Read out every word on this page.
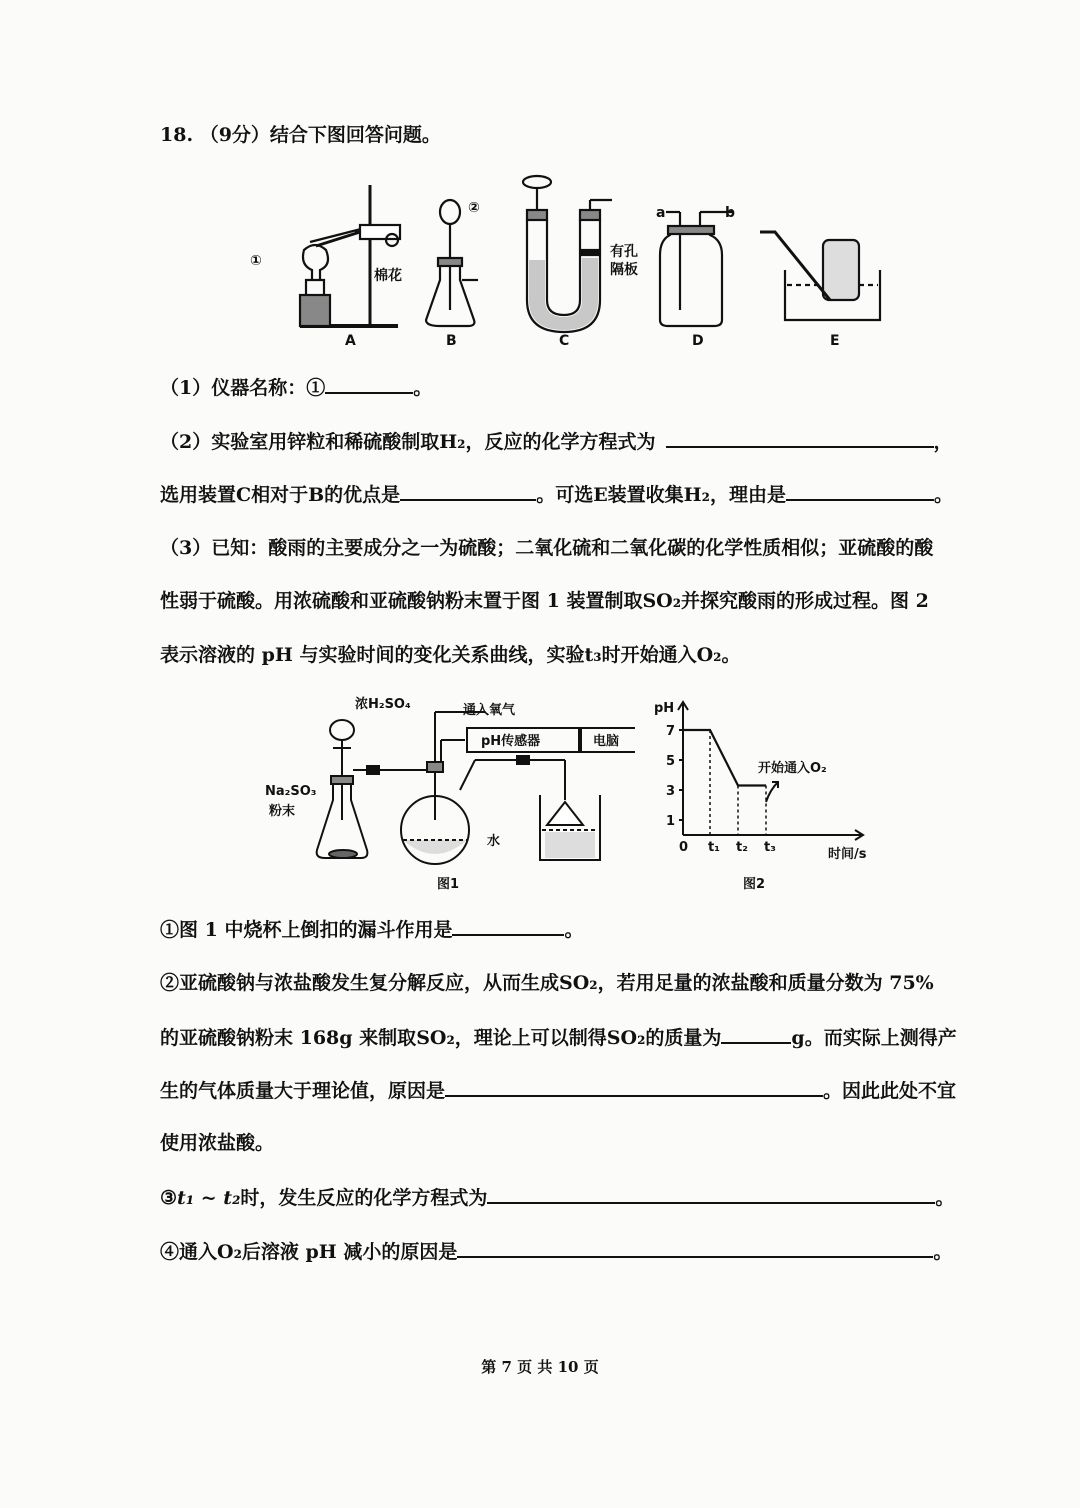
18. （9分）结合下图回答问题。
①
②
棉花
有孔
隔板
a	b
A	B	C	D	E
（1）仪器名称：①	。
（2）实验室用锌粒和稀硫酸制取H₂，反应的化学方程式为	，
选用装置C相对于B的优点是	。可选E装置收集H₂，理由是	。
（3）已知：酸雨的主要成分之一为硫酸；二氧化硫和二氧化碳的化学性质相似；亚硫酸的酸
性弱于硫酸。用浓硫酸和亚硫酸钠粉末置于图 1 装置制取SO₂并探究酸雨的形成过程。图 2
表示溶液的 pH 与实验时间的变化关系曲线，实验t₃时开始通入O₂。
浓H₂SO₄
Na₂SO₃
粉末
通入氧气
pH传感器	电脑
水
图1
1
3
5
7
0 t₁ t₂ t₃
pH
时间/s
开始通入O₂
图2
①图 1 中烧杯上倒扣的漏斗作用是	。
②亚硫酸钠与浓盐酸发生复分解反应，从而生成SO₂，若用足量的浓盐酸和质量分数为 75%
的亚硫酸钠粉末 168g 来制取SO₂，理论上可以制得SO₂的质量为	g。而实际上测得产
生的气体质量大于理论值，原因是	。因此此处不宜
使用浓盐酸。
③t₁ ~ t₂时，发生反应的化学方程式为	。
④通入O₂后溶液 pH 减小的原因是	。
第 7 页 共 10 页
